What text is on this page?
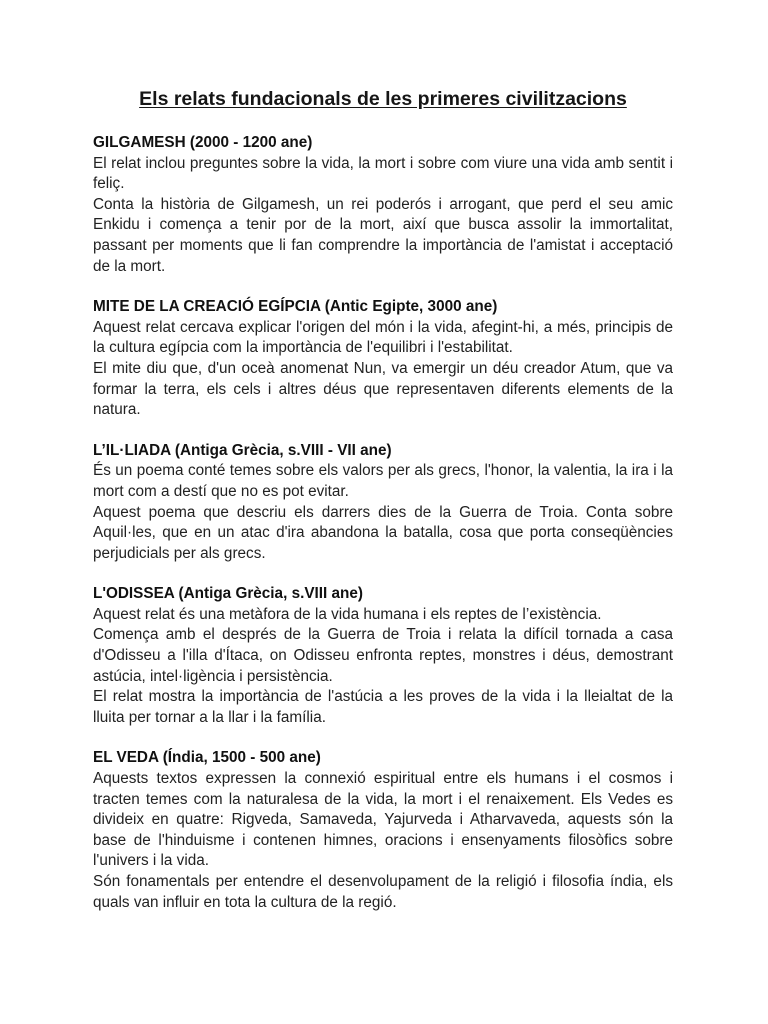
Els relats fundacionals de les primeres civilitzacions

GILGAMESH (2000 - 1200 ane)

El relat inclou preguntes sobre la vida, la mort i sobre com viure una vida amb sentit i feliç.

Conta la història de Gilgamesh, un rei poderós i arrogant, que perd el seu amic Enkidu i comença a tenir por de la mort, així que busca assolir la immortalitat, passant per moments que li fan comprendre la importància de l'amistat i acceptació de la mort.

MITE DE LA CREACIÓ EGÍPCIA (Antic Egipte, 3000 ane)

Aquest relat cercava explicar l'origen del món i la vida, afegint-hi, a més, principis de la cultura egípcia com la importància de l'equilibri i l'estabilitat.

El mite diu que, d'un oceà anomenat Nun, va emergir un déu creador Atum, que va formar la terra, els cels i altres déus que representaven diferents elements de la natura.

L’IL·LIADA (Antiga Grècia, s.VIII - VII ane)

És un poema conté temes sobre els valors per als grecs, l'honor, la valentia, la ira i la mort com a destí que no es pot evitar.

Aquest poema que descriu els darrers dies de la Guerra de Troia. Conta sobre Aquil·les, que en un atac d'ira abandona la batalla, cosa que porta conseqüències perjudicials per als grecs.

L'ODISSEA (Antiga Grècia, s.VIII ane)

Aquest relat és una metàfora de la vida humana i els reptes de l’existència.

Comença amb el després de la Guerra de Troia i relata la difícil tornada a casa d'Odisseu a l'illa d'Ítaca, on Odisseu enfronta reptes, monstres i déus, demostrant astúcia, intel·ligència i persistència.

El relat mostra la importància de l'astúcia a les proves de la vida i la lleialtat de la lluita per tornar a la llar i la família.

EL VEDA (Índia, 1500 - 500 ane)

Aquests textos expressen la connexió espiritual entre els humans i el cosmos i tracten temes com la naturalesa de la vida, la mort i el renaixement. Els Vedes es divideix en quatre: Rigveda, Samaveda, Yajurveda i Atharvaveda, aquests són la base de l'hinduisme i contenen himnes, oracions i ensenyaments filosòfics sobre l'univers i la vida.

Són fonamentals per entendre el desenvolupament de la religió i filosofia índia, els quals van influir en tota la cultura de la regió.
